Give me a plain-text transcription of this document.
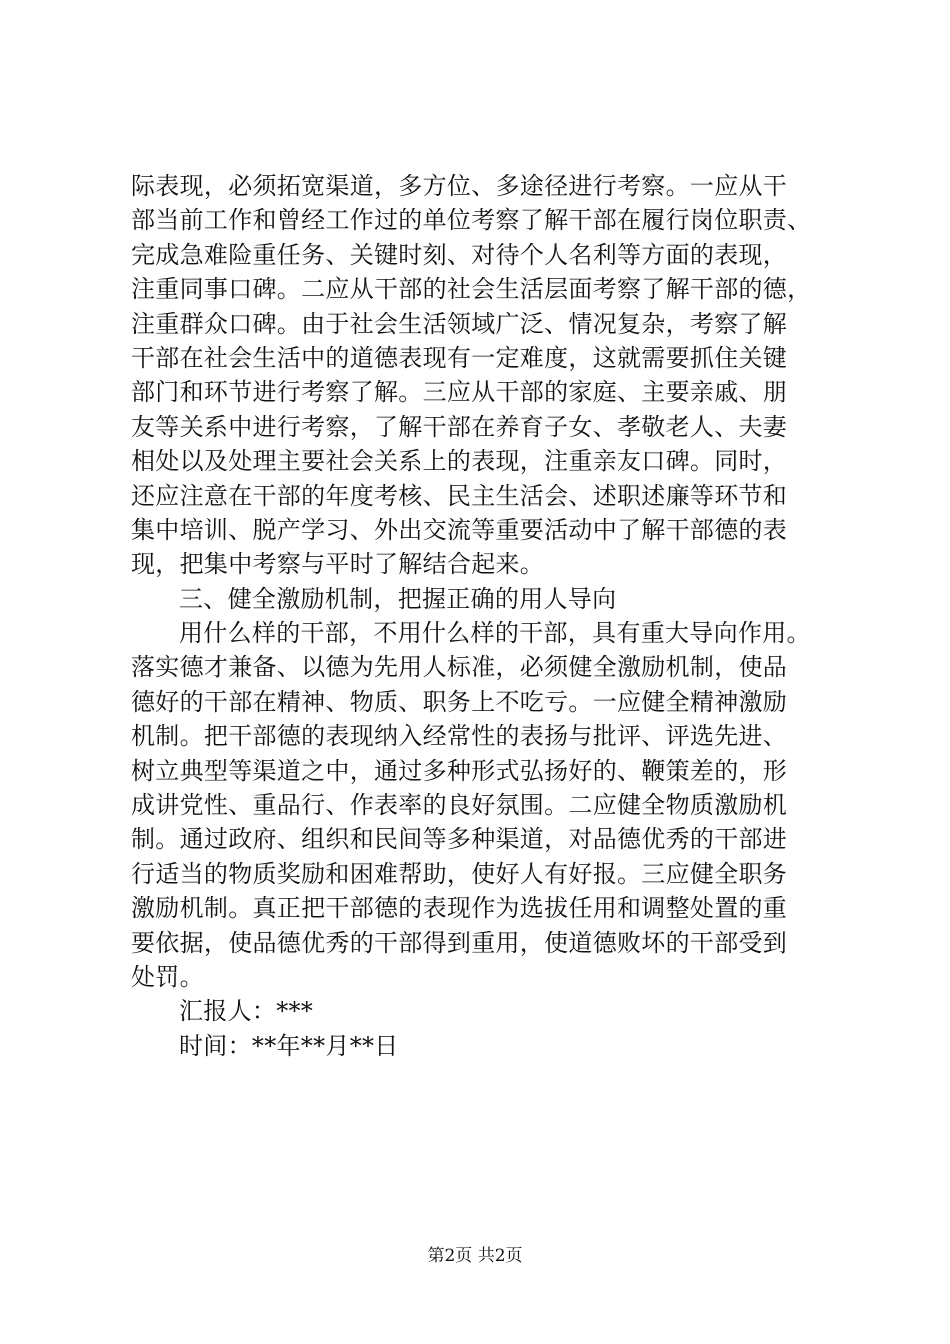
际表现，必须拓宽渠道，多方位、多途径进行考察。一应从干
部当前工作和曾经工作过的单位考察了解干部在履行岗位职责、
完成急难险重任务、关键时刻、对待个人名利等方面的表现，
注重同事口碑。二应从干部的社会生活层面考察了解干部的德，
注重群众口碑。由于社会生活领域广泛、情况复杂，考察了解
干部在社会生活中的道德表现有一定难度，这就需要抓住关键
部门和环节进行考察了解。三应从干部的家庭、主要亲戚、朋
友等关系中进行考察，了解干部在养育子女、孝敬老人、夫妻
相处以及处理主要社会关系上的表现，注重亲友口碑。同时，
还应注意在干部的年度考核、民主生活会、述职述廉等环节和
集中培训、脱产学习、外出交流等重要活动中了解干部德的表
现，把集中考察与平时了解结合起来。
三、健全激励机制，把握正确的用人导向
用什么样的干部，不用什么样的干部，具有重大导向作用。
落实德才兼备、以德为先用人标准，必须健全激励机制，使品
德好的干部在精神、物质、职务上不吃亏。一应健全精神激励
机制。把干部德的表现纳入经常性的表扬与批评、评选先进、
树立典型等渠道之中，通过多种形式弘扬好的、鞭策差的，形
成讲党性、重品行、作表率的良好氛围。二应健全物质激励机
制。通过政府、组织和民间等多种渠道，对品德优秀的干部进
行适当的物质奖励和困难帮助，使好人有好报。三应健全职务
激励机制。真正把干部德的表现作为选拔任用和调整处置的重
要依据，使品德优秀的干部得到重用，使道德败坏的干部受到
处罚。
汇报人：***
时间：**年**月**日
第2页 共2页
